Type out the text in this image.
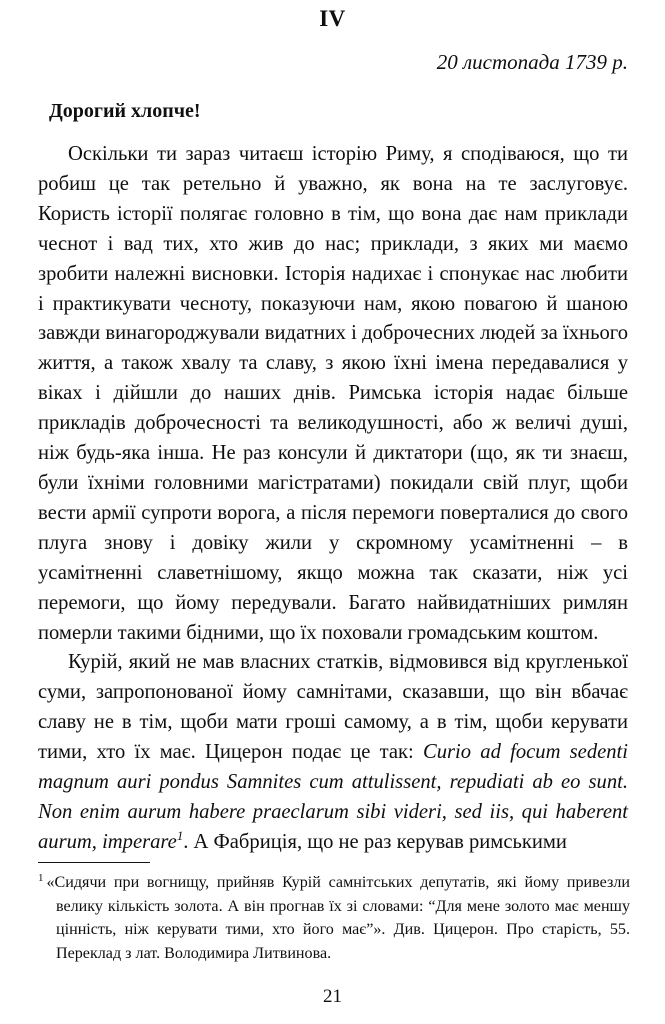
IV
20 листопада 1739 р.
Дорогий хлопче!

Оскільки ти зараз читаєш історію Риму, я сподіваюся, що ти робиш це так ретельно й уважно, як вона на те заслуговує. Користь історії полягає головно в тім, що вона дає нам приклади чеснот і вад тих, хто жив до нас; приклади, з яких ми маємо зробити належні висновки. Історія надихає і спонукає нас любити і практикувати чесноту, показуючи нам, якою повагою й шаною завжди винагороджували видатних і доброчесних людей за їхнього життя, а також хвалу та славу, з якою їхні імена передавалися у віках і дійшли до наших днів. Римська історія надає більше прикладів доброчесності та великодушності, або ж величі душі, ніж будь-яка інша. Не раз консули й диктатори (що, як ти знаєш, були їхніми головними магістратами) покидали свій плуг, щоби вести армії супроти ворога, а після перемоги поверталися до свого плуга знову і довіку жили у скромному усамітненні – в усамітненні славетнішому, якщо можна так сказати, ніж усі перемоги, що йому передували. Багато найвидатніших римлян померли такими бідними, що їх поховали громадським коштом.

Курій, який не мав власних статків, відмовився від кругленької суми, запропонованої йому самнітами, сказавши, що він вбачає славу не в тім, щоби мати гроші самому, а в тім, щоби керувати тими, хто їх має. Цицерон подає це так: Curio ad focum sedenti magnum auri pondus Samnites cum attulissent, repudiati ab eo sunt. Non enim aurum habere praeclarum sibi videri, sed iis, qui haberent aurum, imperare$^1$. А Фабриція, що не раз керував римськими

$^1$ «Сидячи при вогнищу, прийняв Курій самнітських депутатів, які йому привезли велику кількість золота. А він прогнав їх зі словами: “Для мене золото має меншу цінність, ніж керувати тими, хто його має”». Див. Цицерон. Про старість, 55. Переклад з лат. Володимира Литвинова.

21
